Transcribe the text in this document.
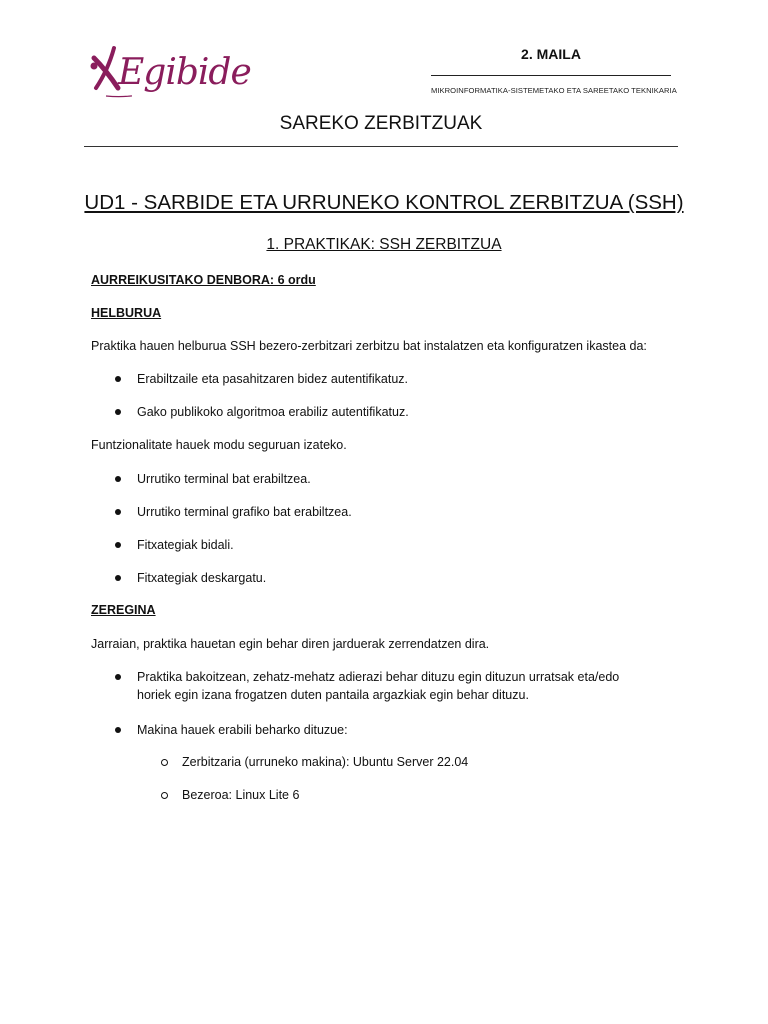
Egibide	2. MAILA
MIKROINFORMATIKA-SISTEMETAKO ETA SAREETAKO TEKNIKARIA
SAREKO ZERBITZUAK
UD1 - SARBIDE ETA URRUNEKO KONTROL ZERBITZUA (SSH)
1. PRAKTIKAK: SSH ZERBITZUA
AURREIKUSITAKO DENBORA: 6 ordu
HELBURUA
Praktika hauen helburua SSH bezero-zerbitzari zerbitzu bat instalatzen eta konfiguratzen ikastea da:
Erabiltzaile eta pasahitzaren bidez autentifikatuz.
Gako publikoko algoritmoa erabiliz autentifikatuz.
Funtzionalitate hauek modu seguruan izateko.
Urrutiko terminal bat erabiltzea.
Urrutiko terminal grafiko bat erabiltzea.
Fitxategiak bidali.
Fitxategiak deskargatu.
ZEREGINA
Jarraian, praktika hauetan egin behar diren jarduerak zerrendatzen dira.
Praktika bakoitzean, zehatz-mehatz adierazi behar dituzu egin dituzun urratsak eta/edo horiek egin izana frogatzen duten pantaila argazkiak egin behar dituzu.
Makina hauek erabili beharko dituzue:
Zerbitzaria (urruneko makina): Ubuntu Server 22.04
Bezeroa: Linux Lite 6
